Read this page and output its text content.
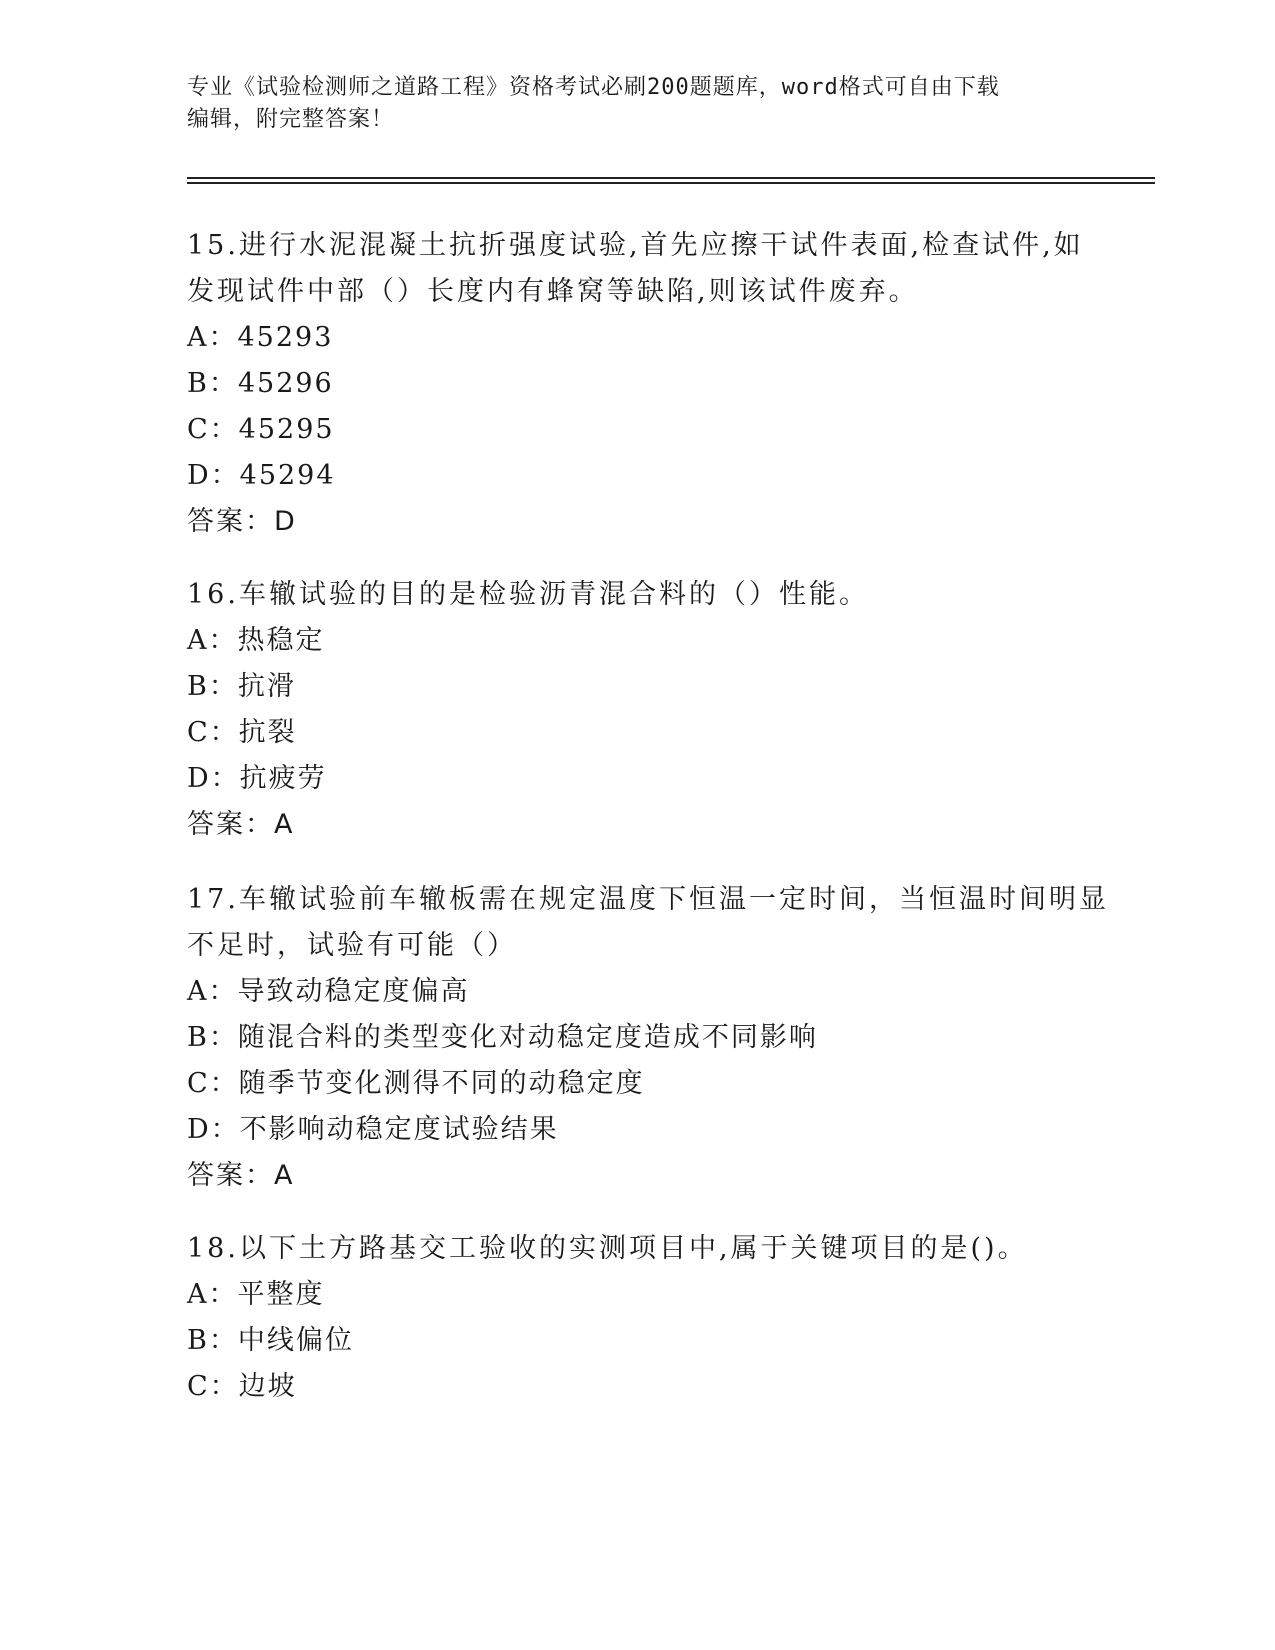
专业《试验检测师之道路工程》资格考试必刷200题题库，word格式可自由下载
编辑，附完整答案！
15.进行水泥混凝土抗折强度试验,首先应擦干试件表面,检查试件,如
发现试件中部（）长度内有蜂窝等缺陷,则该试件废弃。
A：45293
B：45296
C：45295
D：45294
答案：D
16.车辙试验的目的是检验沥青混合料的（）性能。
A：热稳定
B：抗滑
C：抗裂
D：抗疲劳
答案：A
17.车辙试验前车辙板需在规定温度下恒温一定时间，当恒温时间明显
不足时，试验有可能（）
A：导致动稳定度偏高
B：随混合料的类型变化对动稳定度造成不同影响
C：随季节变化测得不同的动稳定度
D：不影响动稳定度试验结果
答案：A
18.以下土方路基交工验收的实测项目中,属于关键项目的是()。
A：平整度
B：中线偏位
C：边坡
